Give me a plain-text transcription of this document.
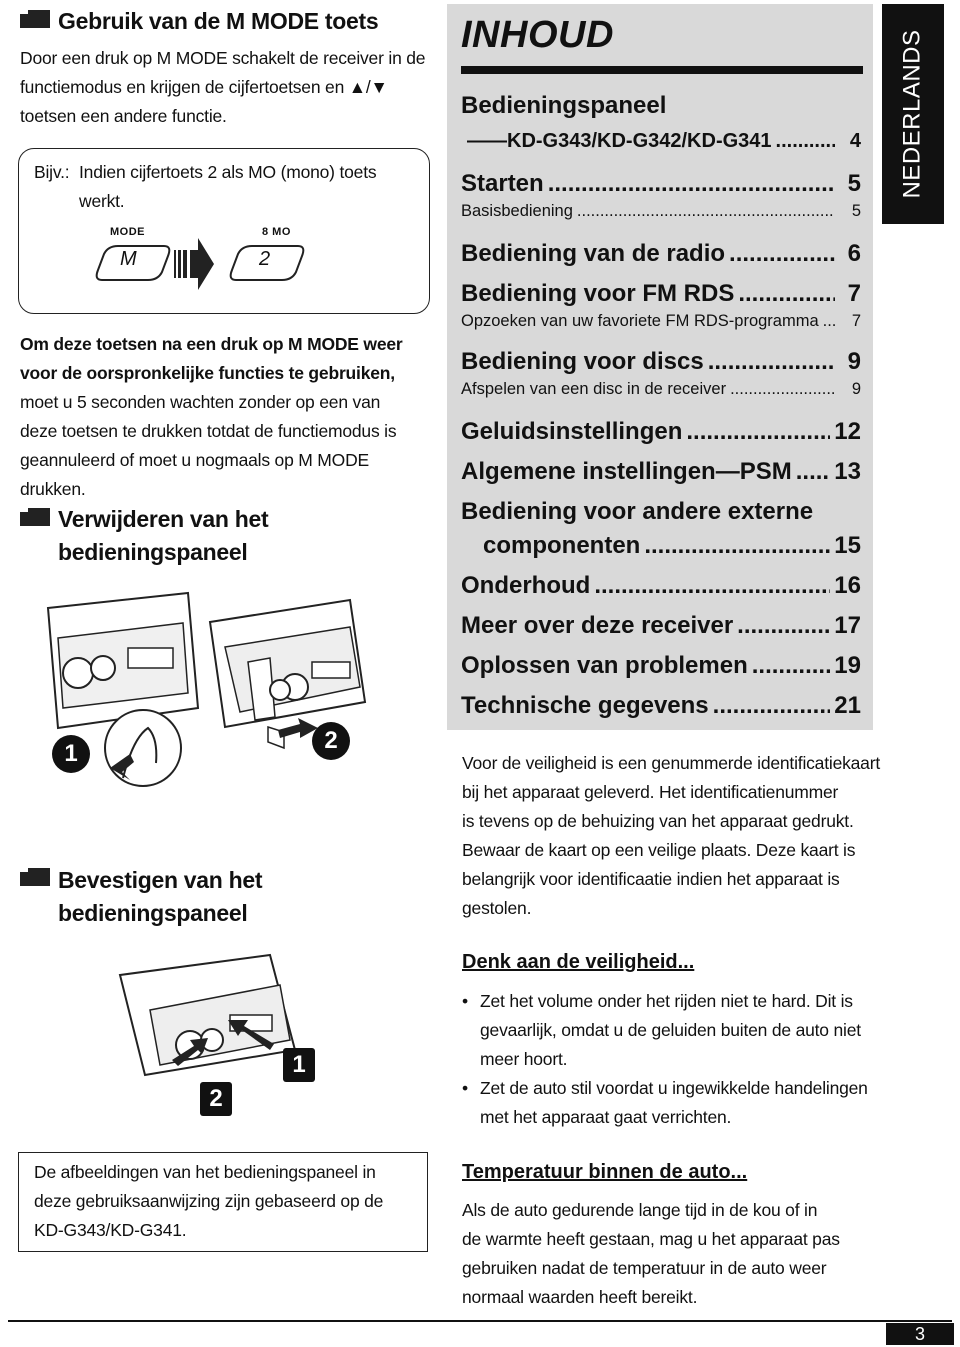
Gebruik van de M MODE toets
Door een druk op M MODE schakelt de receiver in de
functiemodus en krijgen de cijfertoetsen en ▲/▼
toetsen een andere functie.
Bijv.: Indien cijfertoets 2 als MO (mono) toets
werkt.
MODE
M
8 MO
2
Om deze toetsen na een druk op M MODE weer
voor de oorspronkelijke functies te gebruiken,
moet u 5 seconden wachten zonder op een van
deze toetsen te drukken totdat de functiemodus is
geannuleerd of moet u nogmaals op M MODE drukken.
Verwijderen van het
bedieningspaneel
1	2
Bevestigen van het
bedieningspaneel
1
2
De afbeeldingen van het bedieningspaneel in
deze gebruiksaanwijzing zijn gebaseerd op de
KD-G343/KD-G341.
INHOUD
Bedieningspaneel
——KD-G343/KD-G342/KD-G341 .....	4
Starten .....	5
Basisbediening .....	5
Bediening van de radio .....	6
Bediening voor FM RDS .....	7
Opzoeken van uw favoriete FM RDS-programma .....	7
Bediening voor discs .....	9
Afspelen van een disc in de receiver .....	9
Geluidsinstellingen .....	12
Algemene instellingen—PSM ..... 13
Bediening voor andere externe
componenten .....	15
Onderhoud .....	16
Meer over deze receiver .....	17
Oplossen van problemen .....	19
Technische gegevens .....	21
NEDERLANDS
Voor de veiligheid is een genummerde identificatiekaart
bij het apparaat geleverd. Het identificatienummer
is tevens op de behuizing van het apparaat gedrukt.
Bewaar de kaart op een veilige plaats. Deze kaart is
belangrijk voor identificaatie indien het apparaat is
gestolen.
Denk aan de veiligheid...
• Zet het volume onder het rijden niet te hard. Dit is
gevaarlijk, omdat u de geluiden buiten de auto niet
meer hoort.
• Zet de auto stil voordat u ingewikkelde handelingen
met het apparaat gaat verrichten.
Temperatuur binnen de auto...
Als de auto gedurende lange tijd in de kou of in
de warmte heeft gestaan, mag u het apparaat pas
gebruiken nadat de temperatuur in de auto weer
normaal waarden heeft bereikt.
3
